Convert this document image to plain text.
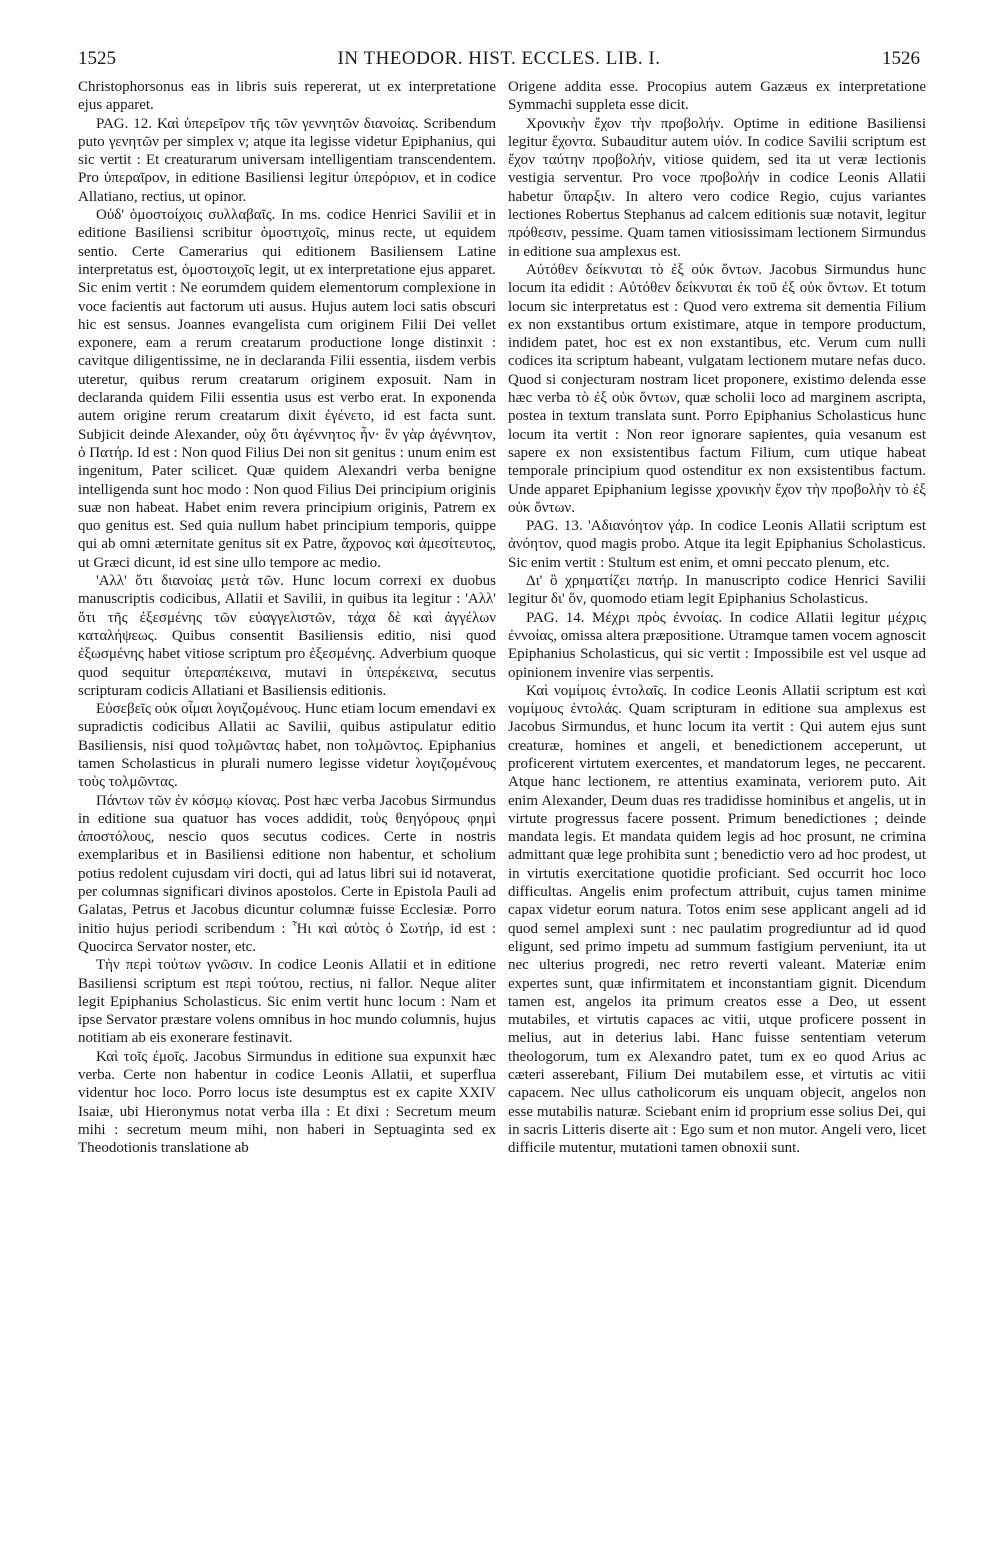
1525	IN THEODOR. HIST. ECCLES. LIB. I.	1526

Christophorsonus eas in libris suis repererat, ut ex interpretatione ejus apparet.

PAG. 12. Καὶ ὑπερεῖρον τῆς τῶν γεννητῶν διανοίας. Scribendum puto γενητῶν per simplex ν; atque ita legisse videtur Epiphanius, qui sic vertit : Et creaturarum universam intelligentiam transcendentem. Pro ὑπεραῖρον, in editione Basiliensi legitur ὑπερόριον, et in codice Allatiano, rectius, ut opinor.

Οὐδ' ὁμοστοίχοις συλλαβαῖς. In ms. codice Henrici Savilii et in editione Basiliensi scribitur ὁμοστιχοῖς, minus recte, ut equidem sentio. Certe Camerarius qui editionem Basiliensem Latine interpretatus est, ὁμοστοιχοῖς legit, ut ex interpretatione ejus apparet. Sic enim vertit : Ne eorumdem quidem elementorum complexione in voce facientis aut factorum uti ausus. Hujus autem loci satis obscuri hic est sensus. Joannes evangelista cum originem Filii Dei vellet exponere, eam a rerum creatarum productione longe distinxit : cavitque diligentissime, ne in declaranda Filii essentia, iisdem verbis uteretur, quibus rerum creatarum originem exposuit. Nam in declaranda quidem Filii essentia usus est verbo erat. In exponenda autem origine rerum creatarum dixit ἐγένετο, id est facta sunt. Subjicit deinde Alexander, οὐχ ὅτι ἀγέννητος ἦν· ἓν γὰρ ἀγέννητον, ὁ Πατήρ. Id est : Non quod Filius Dei non sit genitus : unum enim est ingenitum, Pater scilicet. Quæ quidem Alexandri verba benigne intelligenda sunt hoc modo : Non quod Filius Dei principium originis suæ non habeat. Habet enim revera principium originis, Patrem ex quo genitus est. Sed quia nullum habet principium temporis, quippe qui ab omni æternitate genitus sit ex Patre, ἄχρονος καὶ ἀμεσίτευτος, ut Græci dicunt, id est sine ullo tempore ac medio.

'Αλλ' ὅτι διανοίας μετὰ τῶν. Hunc locum correxi ex duobus manuscriptis codicibus, Allatii et Savilii, in quibus ita legitur : 'Αλλ' ὅτι τῆς ἐξεσμένης τῶν εὐαγγελιστῶν, τάχα δὲ καὶ ἀγγέλων καταλήψεως. Quibus consentit Basiliensis editio, nisi quod ἐξωσμένης habet vitiose scriptum pro ἐξεσμένης. Adverbium quoque quod sequitur ὑπεραπέκεινα, mutavi in ὑπερέκεινα, secutus scripturam codicis Allatiani et Basiliensis editionis.

Εὐσεβεῖς οὐκ οἶμαι λογιζομένους. Hunc etiam locum emendavi ex supradictis codicibus Allatii ac Savilii, quibus astipulatur editio Basiliensis, nisi quod τολμῶντας habet, non τολμῶντος. Epiphanius tamen Scholasticus in plurali numero legisse videtur λογιζομένους τοὺς τολμῶντας.

Πάντων τῶν ἐν κόσμῳ κίονας. Post hæc verba Jacobus Sirmundus in editione sua quatuor has voces addidit, τοὺς θεηγόρους φημὶ ἀποστόλους, nescio quos secutus codices. Certe in nostris exemplaribus et in Basiliensi editione non habentur, et scholium potius redolent cujusdam viri docti, qui ad latus libri sui id notaverat, per columnas significari divinos apostolos. Certe in Epistola Pauli ad Galatas, Petrus et Jacobus dicuntur columnæ fuisse Ecclesiæ. Porro initio hujus periodi scribendum : Ἧι καὶ αὐτὸς ὁ Σωτήρ, id est : Quocirca Servator noster, etc.

Τὴν περὶ τούτων γνῶσιν. In codice Leonis Allatii et in editione Basiliensi scriptum est περὶ τούτου, rectius, ni fallor. Neque aliter legit Epiphanius Scholasticus. Sic enim vertit hunc locum : Nam et ipse Servator præstare volens omnibus in hoc mundo columnis, hujus notitiam ab eis exonerare festinavit.

Καὶ τοῖς ἐμοῖς. Jacobus Sirmundus in editione sua expunxit hæc verba. Certe non habentur in codice Leonis Allatii, et superflua videntur hoc loco. Porro locus iste desumptus est ex capite XXIV Isaiæ, ubi Hieronymus notat verba illa : Et dixi : Secretum meum mihi : secretum meum mihi, non haberi in Septuaginta sed ex Theodotionis translatione ab

Origene addita esse. Procopius autem Gazæus ex interpretatione Symmachi suppleta esse dicit.

Χρονικὴν ἔχον τὴν προβολήν. Optime in editione Basiliensi legitur ἔχοντα. Subauditur autem υἱόν. In codice Savilii scriptum est ἔχον ταύτην προβολήν, vitiose quidem, sed ita ut veræ lectionis vestigia serventur. Pro voce προβολήν in codice Leonis Allatii habetur ὕπαρξιν. In altero vero codice Regio, cujus variantes lectiones Robertus Stephanus ad calcem editionis suæ notavit, legitur πρόθεσιν, pessime. Quam tamen vitiosissimam lectionem Sirmundus in editione sua amplexus est.

Αὐτόθεν δείκνυται τὸ ἐξ οὐκ ὄντων. Jacobus Sirmundus hunc locum ita edidit : Αὐτόθεν δείκνυται ἐκ τοῦ ἐξ οὐκ ὄντων. Et totum locum sic interpretatus est : Quod vero extrema sit dementia Filium ex non exstantibus ortum existimare, atque in tempore productum, indidem patet, hoc est ex non exstantibus, etc. Verum cum nulli codices ita scriptum habeant, vulgatam lectionem mutare nefas duco. Quod si conjecturam nostram licet proponere, existimo delenda esse hæc verba τὸ ἐξ οὐκ ὄντων, quæ scholii loco ad marginem ascripta, postea in textum translata sunt. Porro Epiphanius Scholasticus hunc locum ita vertit : Non reor ignorare sapientes, quia vesanum est sapere ex non exsistentibus factum Filium, cum utique habeat temporale principium quod ostenditur ex non exsistentibus factum. Unde apparet Epiphanium legisse χρονικὴν ἔχον τὴν προβολὴν τὸ ἐξ οὐκ ὄντων.

PAG. 13. 'Αδιανόητον γάρ. In codice Leonis Allatii scriptum est ἀνόητον, quod magis probo. Atque ita legit Epiphanius Scholasticus. Sic enim vertit : Stultum est enim, et omni peccato plenum, etc.

Δι' ὃ χρηματίζει πατήρ. In manuscripto codice Henrici Savilii legitur δι' ὅν, quomodo etiam legit Epiphanius Scholasticus.

PAG. 14. Μέχρι πρὸς ἐννοίας. In codice Allatii legitur μέχρις ἐννοίας, omissa altera præpositione. Utramque tamen vocem agnoscit Epiphanius Scholasticus, qui sic vertit : Impossibile est vel usque ad opinionem invenire vias serpentis.

Καὶ νομίμοις ἐντολαῖς. In codice Leonis Allatii scriptum est καὶ νομίμους ἐντολάς. Quam scripturam in editione sua amplexus est Jacobus Sirmundus, et hunc locum ita vertit : Qui autem ejus sunt creaturæ, homines et angeli, et benedictionem acceperunt, ut proficerent virtutem exercentes, et mandatorum leges, ne peccarent. Atque hanc lectionem, re attentius examinata, veriorem puto. Ait enim Alexander, Deum duas res tradidisse hominibus et angelis, ut in virtute progressus facere possent. Primum benedictiones ; deinde mandata legis. Et mandata quidem legis ad hoc prosunt, ne crimina admittant quæ lege prohibita sunt ; benedictio vero ad hoc prodest, ut in virtutis exercitatione quotidie proficiant. Sed occurrit hoc loco difficultas. Angelis enim profectum attribuit, cujus tamen minime capax videtur eorum natura. Totos enim sese applicant angeli ad id quod semel amplexi sunt : nec paulatim progrediuntur ad id quod eligunt, sed primo impetu ad summum fastigium perveniunt, ita ut nec ulterius progredi, nec retro reverti valeant. Materiæ enim expertes sunt, quæ infirmitatem et inconstantiam gignit. Dicendum tamen est, angelos ita primum creatos esse a Deo, ut essent mutabiles, et virtutis capaces ac vitii, utque proficere possent in melius, aut in deterius labi. Hanc fuisse sententiam veterum theologorum, tum ex Alexandro patet, tum ex eo quod Arius ac cæteri asserebant, Filium Dei mutabilem esse, et virtutis ac vitii capacem. Nec ullus catholicorum eis unquam objecit, angelos non esse mutabilis naturæ. Sciebant enim id proprium esse solius Dei, qui in sacris Litteris diserte ait : Ego sum et non mutor. Angeli vero, licet difficile mutentur, mutationi tamen obnoxii sunt.
